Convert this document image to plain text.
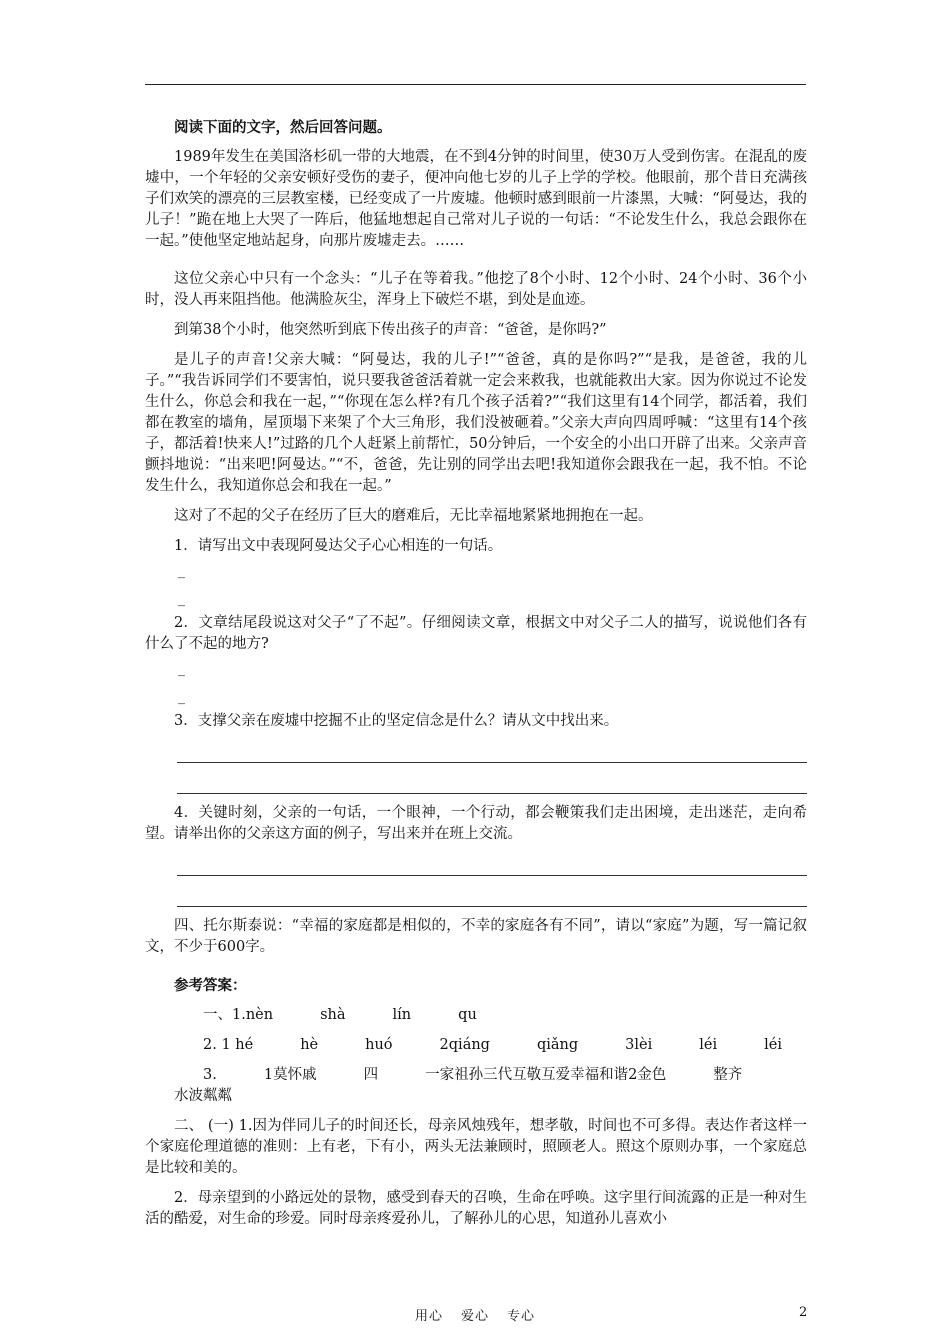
阅读下面的文字，然后回答问题。

1989年发生在美国洛杉矶一带的大地震，在不到4分钟的时间里，使30万人受到伤害。在混乱的废墟中，一个年轻的父亲安顿好受伤的妻子，便冲向他七岁的儿子上学的学校。他眼前，那个昔日充满孩子们欢笑的漂亮的三层教室楼，已经变成了一片废墟。他顿时感到眼前一片漆黑，大喊：“阿曼达，我的儿子！”跪在地上大哭了一阵后，他猛地想起自己常对儿子说的一句话：“不论发生什么，我总会跟你在一起。”使他坚定地站起身，向那片废墟走去。……

这位父亲心中只有一个念头：“儿子在等着我。”他挖了8个小时、12个小时、24个小时、36个小时，没人再来阻挡他。他满脸灰尘，浑身上下破烂不堪，到处是血迹。

到第38个小时，他突然听到底下传出孩子的声音：“爸爸，是你吗?”

是儿子的声音!父亲大喊：“阿曼达，我的儿子!”“爸爸，真的是你吗?”“是我，是爸爸，我的儿子。”“我告诉同学们不要害怕，说只要我爸爸活着就一定会来救我，也就能救出大家。因为你说过不论发生什么，你总会和我在一起，”“你现在怎么样?有几个孩子活着?”“我们这里有14个同学，都活着，我们都在教室的墙角，屋顶塌下来架了个大三角形，我们没被砸着。”父亲大声向四周呼喊：“这里有14个孩子，都活着!快来人!”过路的几个人赶紧上前帮忙，50分钟后，一个安全的小出口开辟了出来。父亲声音颤抖地说：“出来吧!阿曼达。”“不，爸爸，先让别的同学出去吧!我知道你会跟我在一起，我不怕。不论发生什么，我知道你总会和我在一起。”

这对了不起的父子在经历了巨大的磨难后，无比幸福地紧紧地拥抱在一起。

1．请写出文中表现阿曼达父子心心相连的一句话。

_
_

2．文章结尾段说这对父子“了不起”。仔细阅读文章，根据文中对父子二人的描写，说说他们各有什么了不起的地方?

_
_

3．支撑父亲在废墟中挖掘不止的坚定信念是什么？请从文中找出来。

4．关键时刻，父亲的一句话，一个眼神，一个行动，都会鞭策我们走出困境，走出迷茫，走向希望。请举出你的父亲这方面的例子，写出来并在班上交流。

四、托尔斯泰说：“幸福的家庭都是相似的，不幸的家庭各有不同”，请以“家庭”为题，写一篇记叙文，不少于600字。

参考答案：

一、1.nèn	shà	lín	qu

2. 1 hé	hè	huó	2qiáng	qiǎng	3lèi	léi	léi

3.	1莫怀戚	四	一家祖孙三代互敬互爱幸福和谐2金色	整齐水波粼粼

二、 (一) 1.因为伴同儿子的时间还长，母亲风烛残年，想孝敬，时间也不可多得。表达作者这样一个家庭伦理道德的准则：上有老，下有小，两头无法兼顾时，照顾老人。照这个原则办事，一个家庭总是比较和美的。

2．母亲望到的小路远处的景物，感受到春天的召唤，生命在呼唤。这字里行间流露的正是一种对生活的酷爱，对生命的珍爱。同时母亲疼爱孙儿，了解孙儿的心思，知道孙儿喜欢小

用心 爱心 专心	2
